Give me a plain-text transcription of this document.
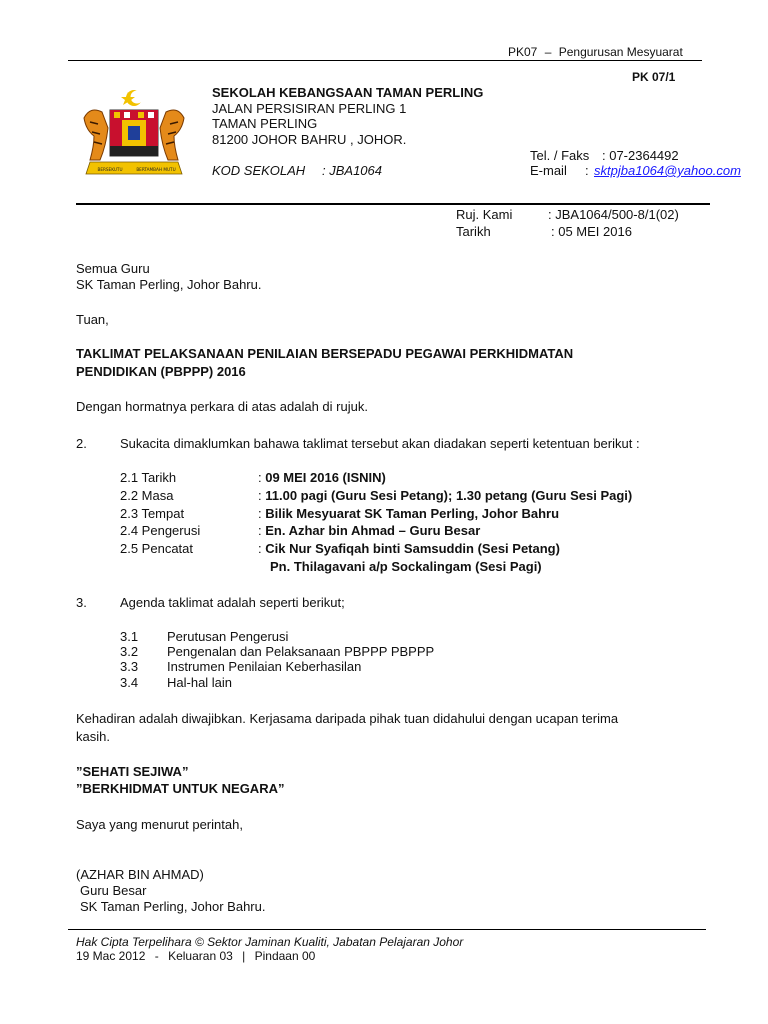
PK07 – Pengurusan Mesyuarat
PK 07/1
BERSEKUTU	BERTAMBAH MUTU
SEKOLAH KEBANGSAAN TAMAN PERLING
JALAN PERSISIRAN PERLING 1
TAMAN PERLING
81200 JOHOR BAHRU , JOHOR.
KOD SEKOLAH : JBA1064
Tel. / Faks : 07-2364492
E-mail : sktpjba1064@yahoo.com
Ruj. Kami	: JBA1064/500-8/1(02)
Tarikh	: 05 MEI 2016
Semua Guru
SK Taman Perling, Johor Bahru.
Tuan,
TAKLIMAT PELAKSANAAN PENILAIAN BERSEPADU PEGAWAI PERKHIDMATAN
PENDIDIKAN (PBPPP) 2016
Dengan hormatnya perkara di atas adalah di rujuk.
2.	Sukacita dimaklumkan bahawa taklimat tersebut akan diadakan seperti ketentuan berikut :
2.1 Tarikh	: 09 MEI 2016 (ISNIN)
2.2 Masa	: 11.00 pagi (Guru Sesi Petang); 1.30 petang (Guru Sesi Pagi)
2.3 Tempat	: Bilik Mesyuarat SK Taman Perling, Johor Bahru
2.4 Pengerusi	: En. Azhar bin Ahmad – Guru Besar
2.5 Pencatat	: Cik Nur Syafiqah binti Samsuddin (Sesi Petang)
Pn. Thilagavani a/p Sockalingam (Sesi Pagi)
3.	Agenda taklimat adalah seperti berikut;
3.1 Perutusan Pengerusi
3.2 Pengenalan dan Pelaksanaan PBPPP PBPPP
3.3 Instrumen Penilaian Keberhasilan
3.4 Hal-hal lain
Kehadiran adalah diwajibkan. Kerjasama daripada pihak tuan didahului dengan ucapan terima
kasih.
”SEHATI SEJIWA”
”BERKHIDMAT UNTUK NEGARA”
Saya yang menurut perintah,
(AZHAR BIN AHMAD)
Guru Besar
SK Taman Perling, Johor Bahru.
Hak Cipta Terpelihara © Sektor Jaminan Kualiti, Jabatan Pelajaran Johor
19 Mac 2012 - Keluaran 03 | Pindaan 00
